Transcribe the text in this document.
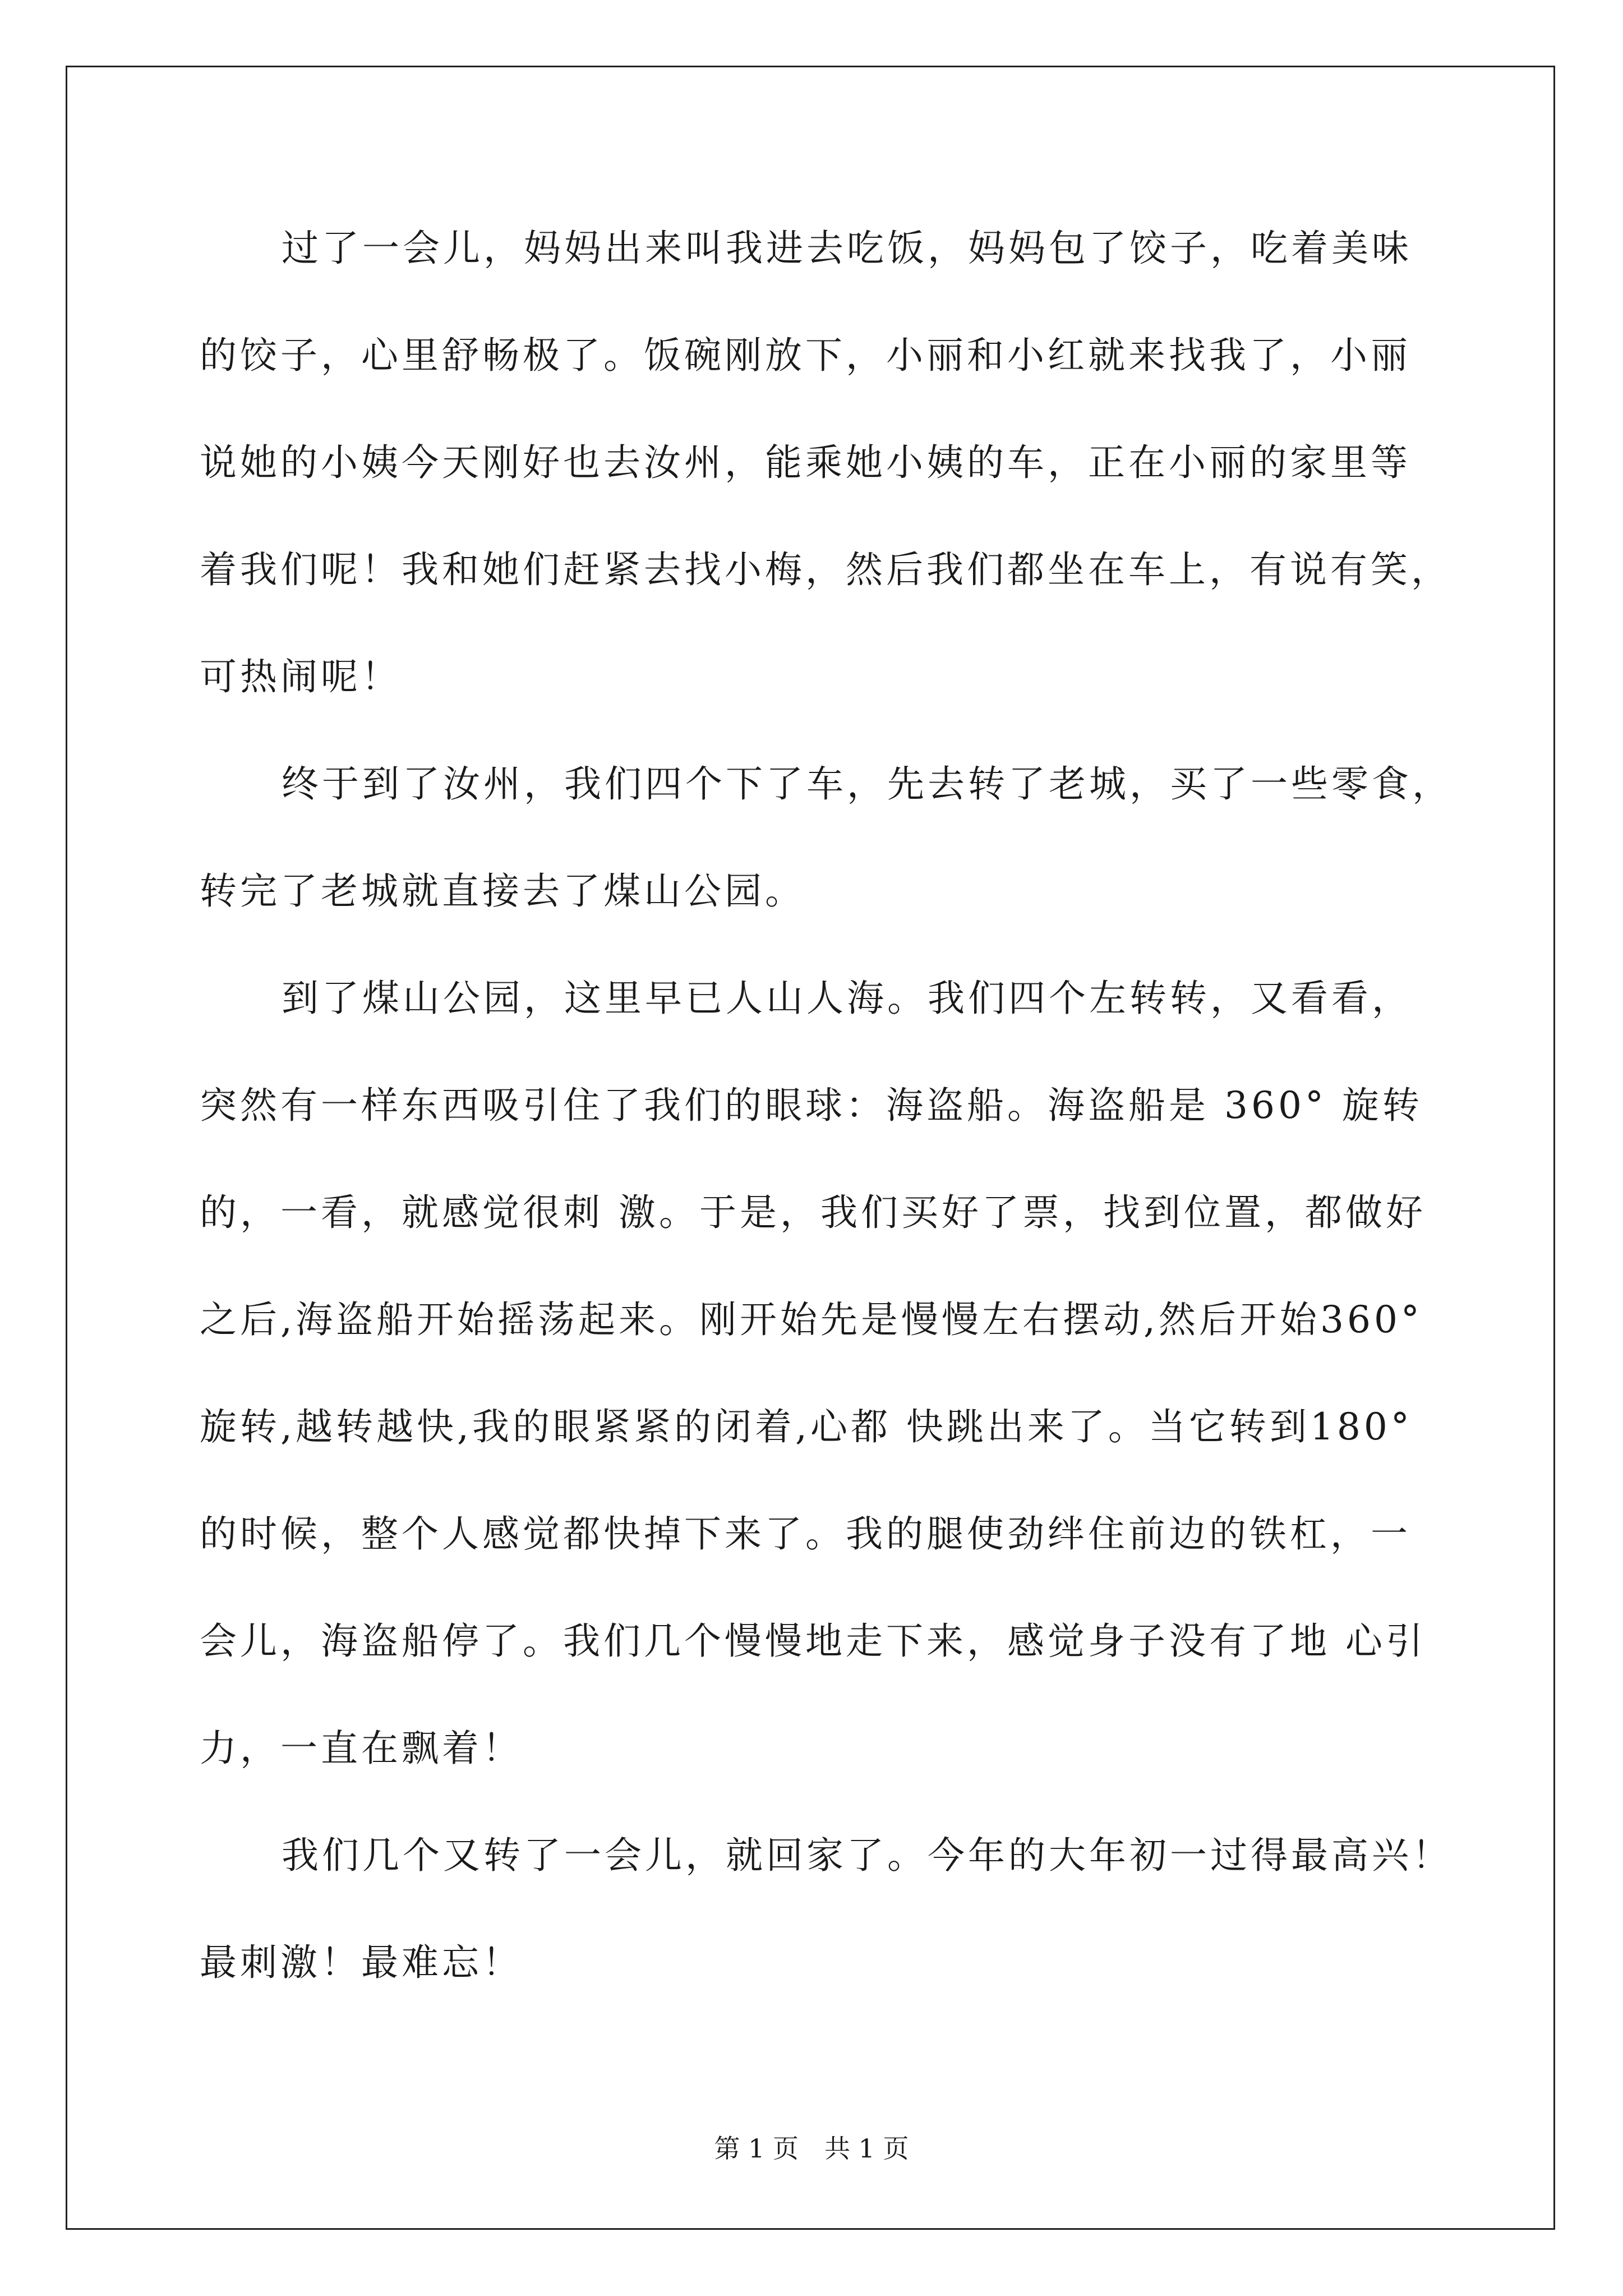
过了一会儿，妈妈出来叫我进去吃饭，妈妈包了饺子，吃着美味
的饺子，心里舒畅极了。饭碗刚放下，小丽和小红就来找我了，小丽
说她的小姨今天刚好也去汝州，能乘她小姨的车，正在小丽的家里等
着我们呢！我和她们赶紧去找小梅，然后我们都坐在车上，有说有笑，
可热闹呢！
终于到了汝州，我们四个下了车，先去转了老城，买了一些零食，
转完了老城就直接去了煤山公园。
到了煤山公园，这里早已人山人海。我们四个左转转，又看看，
突然有一样东西吸引住了我们的眼球：海盗船。海盗船是 360° 旋转
的，一看，就感觉很刺 激。于是，我们买好了票，找到位置，都做好
之后,海盗船开始摇荡起来。刚开始先是慢慢左右摆动,然后开始360°
旋转,越转越快,我的眼紧紧的闭着,心都 快跳出来了。当它转到180°
的时候，整个人感觉都快掉下来了。我的腿使劲绊住前边的铁杠，一
会儿，海盗船停了。我们几个慢慢地走下来，感觉身子没有了地 心引
力，一直在飘着！
我们几个又转了一会儿，就回家了。今年的大年初一过得最高兴！
最刺激！最难忘！
第 1 页　共 1 页
